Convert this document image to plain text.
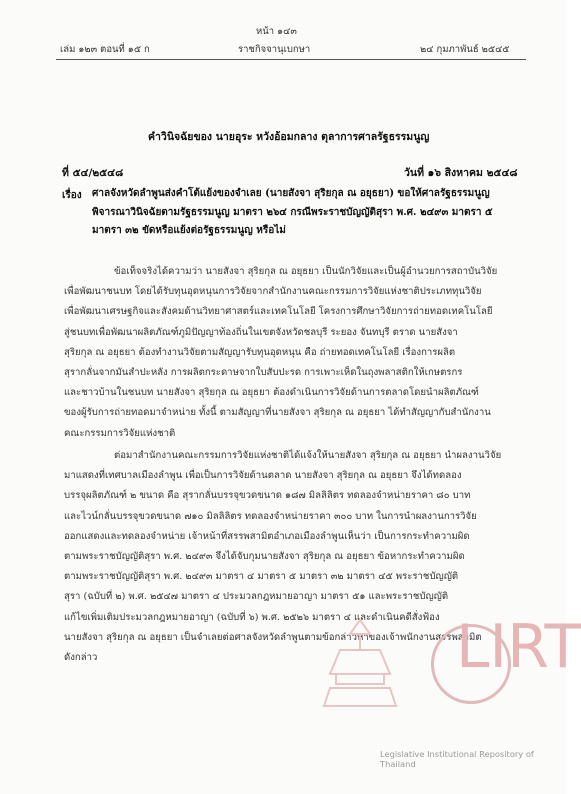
หน้า ๑๔๓
เล่ม ๑๒๓ ตอนที่ ๑๕ ก	ราชกิจจานุเบกษา	๒๔ กุมภาพันธ์ ๒๕๔๕
คำวินิจฉัยของ นายอุระ หวังอ้อมกลาง ตุลาการศาลรัฐธรรมนูญ
ที่ ๕๔/๒๕๔๘	วันที่ ๑๖ สิงหาคม ๒๕๔๘
เรื่อง ศาลจังหวัดลำพูนส่งคำโต้แย้งของจำเลย (นายสังจา สุริยกุล ณ อยุธยา) ขอให้ศาลรัฐธรรมนูญ
พิจารณาวินิจฉัยตามรัฐธรรมนูญ มาตรา ๒๖๔ กรณีพระราชบัญญัติสุรา พ.ศ. ๒๔๙๓ มาตรา ๕
มาตรา ๓๒ ขัดหรือแย้งต่อรัฐธรรมนูญ หรือไม่
ข้อเท็จจริงได้ความว่า นายสังจา สุริยกุล ณ อยุธยา เป็นนักวิจัยและเป็นผู้อำนวยการสถาบันวิจัย
เพื่อพัฒนาชนบท โดยได้รับทุนอุดหนุนการวิจัยจากสำนักงานคณะกรรมการวิจัยแห่งชาติประเภททุนวิจัย
เพื่อพัฒนาเศรษฐกิจและสังคมด้านวิทยาศาสตร์และเทคโนโลยี โครงการศึกษาวิจัยการถ่ายทอดเทคโนโลยี
สู่ชนบทเพื่อพัฒนาผลิตภัณฑ์ภูมิปัญญาท้องถิ่นในเขตจังหวัดชลบุรี ระยอง จันทบุรี ตราด นายสังจา
สุริยกุล ณ อยุธยา ต้องทำงานวิจัยตามสัญญารับทุนอุดหนุน คือ ถ่ายทอดเทคโนโลยี เรื่องการผลิต
สุรากลั่นจากมันสำปะหลัง การผลิตกระดาษจากใบสับปะรด การเพาะเห็ดในถุงพลาสติกให้เกษตรกร
และชาวบ้านในชนบท นายสังจา สุริยกุล ณ อยุธยา ต้องดำเนินการวิจัยด้านการตลาดโดยนำผลิตภัณฑ์
ของผู้รับการถ่ายทอดมาจำหน่าย ทั้งนี้ ตามสัญญาที่นายสังจา สุริยกุล ณ อยุธยา ได้ทำสัญญากับสำนักงาน
คณะกรรมการวิจัยแห่งชาติ
ต่อมาสำนักงานคณะกรรมการวิจัยแห่งชาติได้แจ้งให้นายสังจา สุริยกุล ณ อยุธยา นำผลงานวิจัย
มาแสดงที่เทศบาลเมืองลำพูน เพื่อเป็นการวิจัยด้านตลาด นายสังจา สุริยกุล ณ อยุธยา จึงได้ทดลอง
บรรจุผลิตภัณฑ์ ๒ ขนาด คือ สุรากลั่นบรรจุขวดขนาด ๑๘๗ มิลลิลิตร ทดลองจำหน่ายราคา ๘๐ บาท
และไวน์กลั่นบรรจุขวดขนาด ๗๑๐ มิลลิลิตร ทดลองจำหน่ายราคา ๓๐๐ บาท ในการนำผลงานการวิจัย
ออกแสดงและทดลองจำหน่าย เจ้าหน้าที่สรรพสามิตอำเภอเมืองลำพูนเห็นว่า เป็นการกระทำความผิด
ตามพระราชบัญญัติสุรา พ.ศ. ๒๔๙๓ จึงได้จับกุมนายสังจา สุริยกุล ณ อยุธยา ข้อหากระทำความผิด
ตามพระราชบัญญัติสุรา พ.ศ. ๒๔๙๓ มาตรา ๔ มาตรา ๕ มาตรา ๓๒ มาตรา ๔๕ พระราชบัญญัติ
สุรา (ฉบับที่ ๒) พ.ศ. ๒๕๔๗ มาตรา ๔ ประมวลกฎหมายอาญา มาตรา ๕๑ และพระราชบัญญัติ
แก้ไขเพิ่มเติมประมวลกฎหมายอาญา (ฉบับที่ ๖) พ.ศ. ๒๕๒๖ มาตรา ๔ และดำเนินคดีสั่งฟ้อง
นายสังจา สุริยกุล ณ อยุธยา เป็นจำเลยต่อศาลจังหวัดลำพูนตามข้อกล่าวหาของเจ้าพนักงานสรรพสามิต
ดังกล่าว	LIRT
Legislative Institutional Repository of Thailand
